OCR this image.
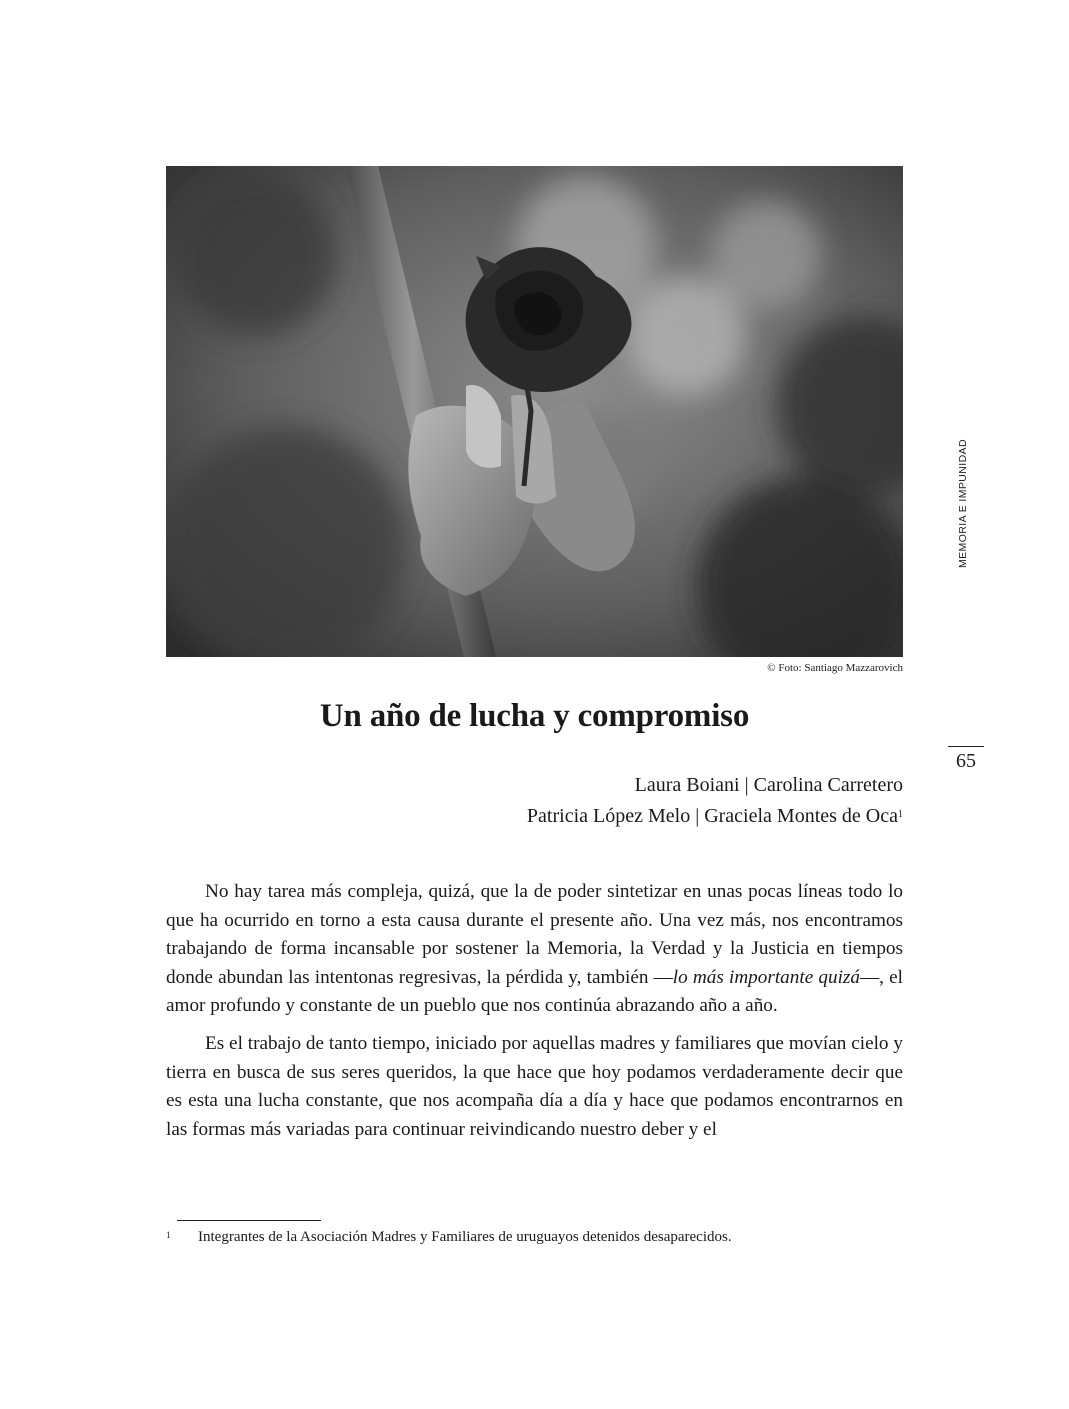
© Foto: Santiago Mazzarovich
MEMORIA E IMPUNIDAD
Un año de lucha y compromiso
65
Laura Boiani | Carolina Carretero
Patricia López Melo | Graciela Montes de Oca$^1$

No hay tarea más compleja, quizá, que la de poder sintetizar en unas pocas líneas todo lo que ha ocurrido en torno a esta causa durante el presente año. Una vez más, nos encontramos trabajando de forma incansable por sostener la Memoria, la Verdad y la Justicia en tiempos donde abundan las intentonas regresivas, la pérdida y, también —lo más importante quizá—, el amor profundo y constante de un pueblo que nos continúa abrazando año a año.

Es el trabajo de tanto tiempo, iniciado por aquellas madres y familiares que movían cielo y tierra en busca de sus seres queridos, la que hace que hoy podamos verdaderamente decir que es esta una lucha constante, que nos acompaña día a día y hace que podamos encontrarnos en las formas más variadas para continuar reivindicando nuestro deber y el

1 Integrantes de la Asociación Madres y Familiares de uruguayos detenidos desaparecidos.
